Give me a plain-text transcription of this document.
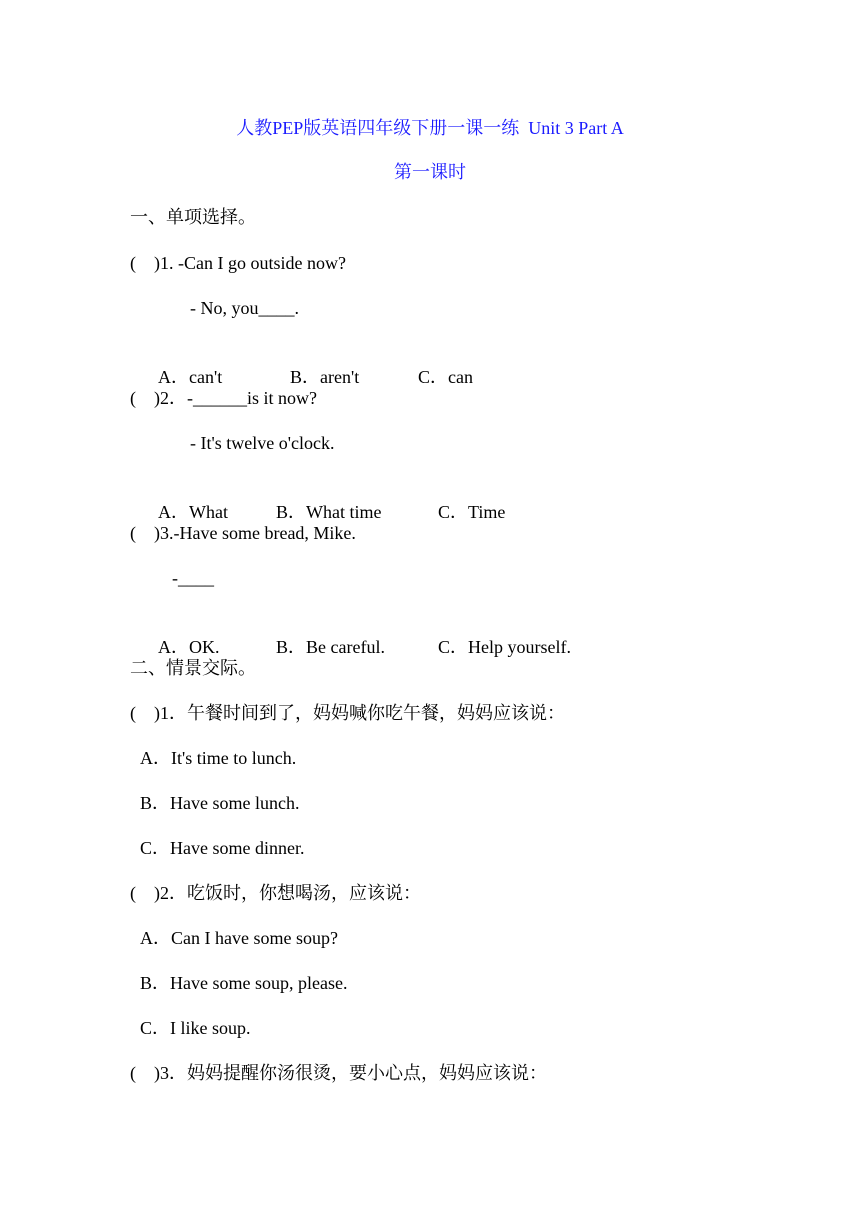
人教PEP版英语四年级下册一课一练  Unit 3 Part A
第一课时
一、单项选择。
(    )1. -Can I go outside now?
- No, you____.

A．can't	B．aren't	C．can

(    )2．-______is it now?
- It's twelve o'clock.

A．What	B．What time	C．Time

(    )3.-Have some bread, Mike.
-____

A．OK.	B．Be careful.	C．Help yourself.

二、情景交际。
(    )1．午餐时间到了，妈妈喊你吃午餐，妈妈应该说：
A．It's time to lunch.
B．Have some lunch.
C．Have some dinner.
(    )2．吃饭时，你想喝汤，应该说：
A．Can I have some soup?
B．Have some soup, please.
C．I like soup.
(    )3．妈妈提醒你汤很烫，要小心点，妈妈应该说：
